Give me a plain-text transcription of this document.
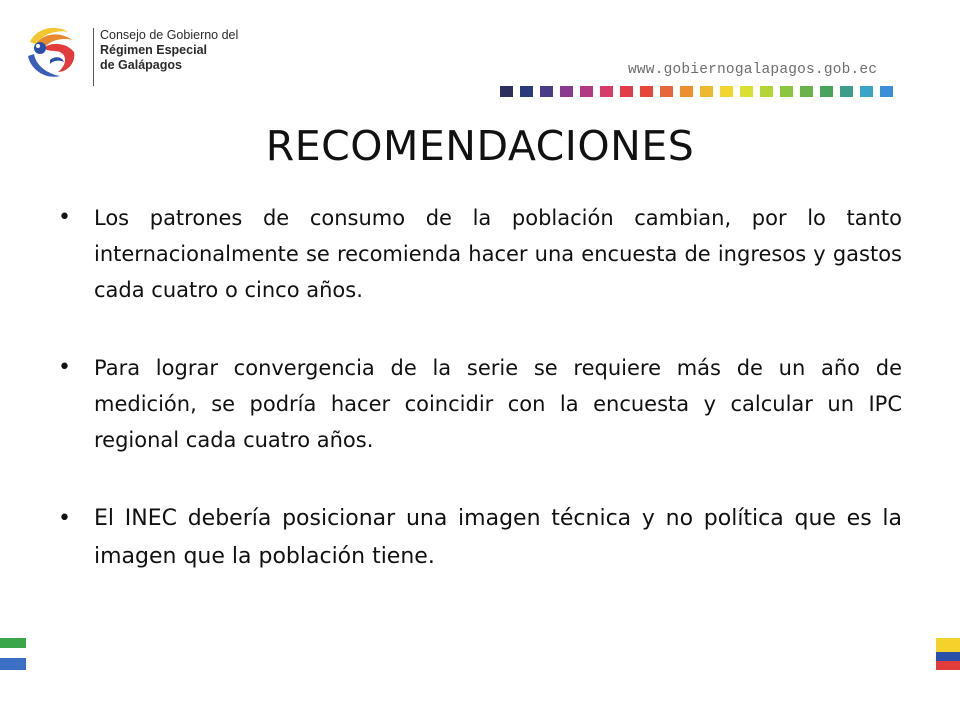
Consejo de Gobierno del
Régimen Especial
de Galápagos	www.gobiernogalapagos.gob.ec
RECOMENDACIONES
• Los patrones de consumo de la población cambian, por lo tanto internacionalmente se recomienda hacer una encuesta de ingresos y gastos cada cuatro o cinco años.
• Para lograr convergencia de la serie se requiere más de un año de medición, se podría hacer coincidir con la encuesta y calcular un IPC regional cada cuatro años.
• El INEC debería posicionar una imagen técnica y no política que es la imagen que la población tiene.
